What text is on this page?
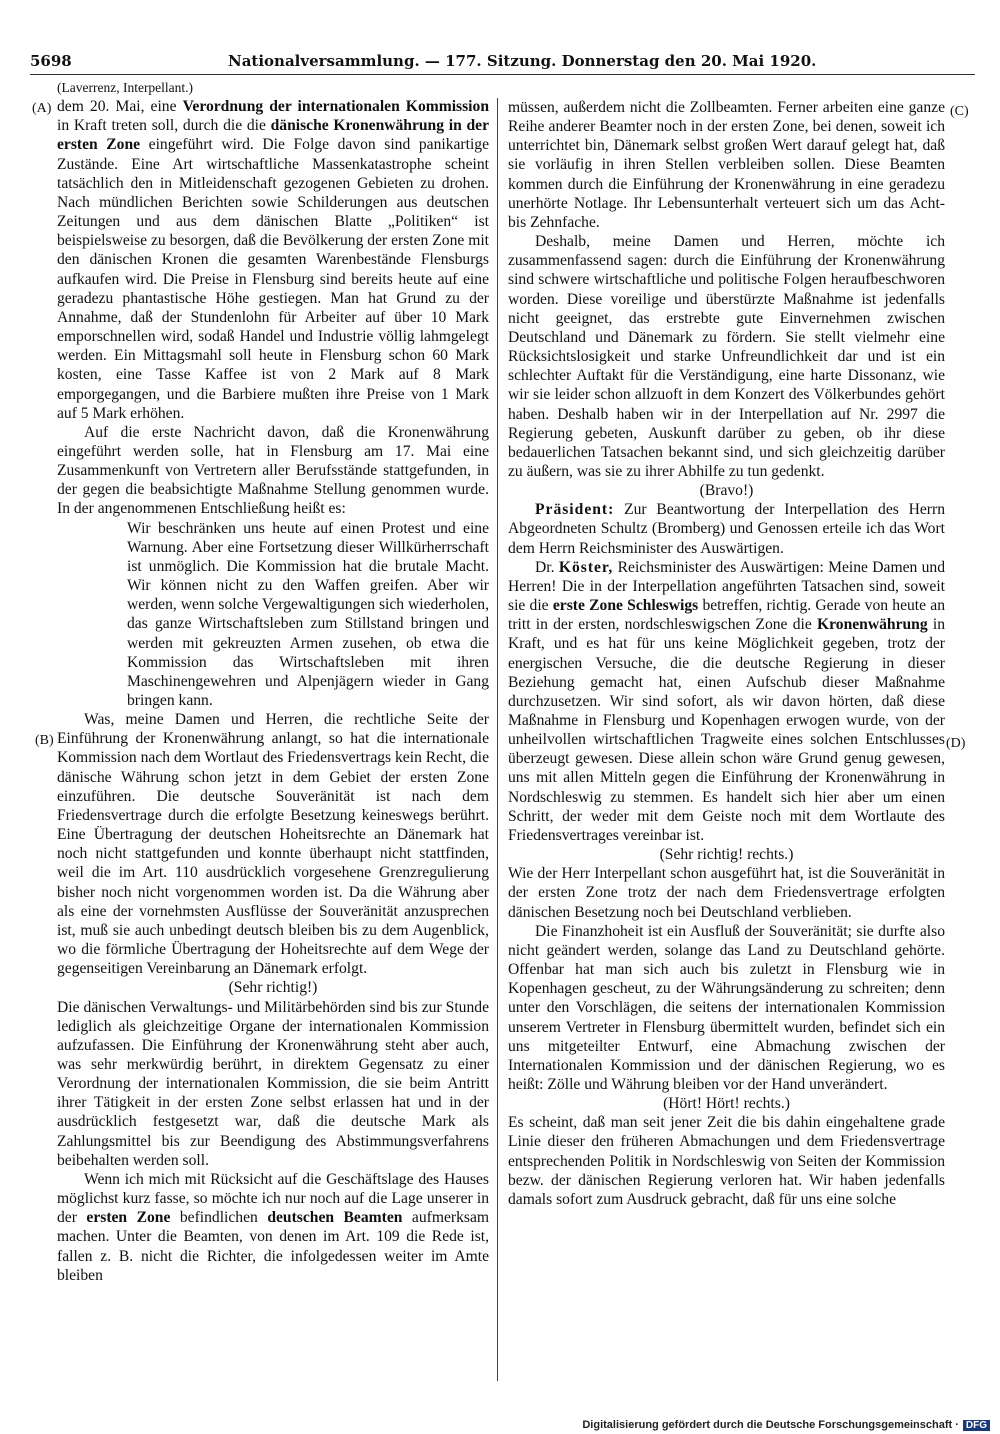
5698	Nationalversammlung. — 177. Sitzung. Donnerstag den 20. Mai 1920.
(A)
(B)
(C)
(D)

(Laverrenz, Interpellant.)

dem 20. Mai, eine Verordnung der internationalen Kommission in Kraft treten soll, durch die die dänische Kronenwährung in der ersten Zone eingeführt wird. Die Folge davon sind panikartige Zustände. Eine Art wirtschaftliche Massenkatastrophe scheint tatsächlich den in Mitleidenschaft gezogenen Gebieten zu drohen. Nach mündlichen Berichten sowie Schilderungen aus deutschen Zeitungen und aus dem dänischen Blatte „Politiken“ ist beispielsweise zu besorgen, daß die Bevölkerung der ersten Zone mit den dänischen Kronen die gesamten Warenbestände Flensburgs aufkaufen wird. Die Preise in Flensburg sind bereits heute auf eine geradezu phantastische Höhe gestiegen. Man hat Grund zu der Annahme, daß der Stundenlohn für Arbeiter auf über 10 Mark emporschnellen wird, sodaß Handel und Industrie völlig lahmgelegt werden. Ein Mittagsmahl soll heute in Flensburg schon 60 Mark kosten, eine Tasse Kaffee ist von 2 Mark auf 8 Mark emporgegangen, und die Barbiere mußten ihre Preise von 1 Mark auf 5 Mark erhöhen.

Auf die erste Nachricht davon, daß die Kronenwährung eingeführt werden solle, hat in Flensburg am 17. Mai eine Zusammenkunft von Vertretern aller Berufsstände stattgefunden, in der gegen die beabsichtigte Maßnahme Stellung genommen wurde. In der angenommenen Entschließung heißt es:

Wir beschränken uns heute auf einen Protest und eine Warnung. Aber eine Fortsetzung dieser Willkürherrschaft ist unmöglich. Die Kommission hat die brutale Macht. Wir können nicht zu den Waffen greifen. Aber wir werden, wenn solche Vergewaltigungen sich wiederholen, das ganze Wirtschaftsleben zum Stillstand bringen und werden mit gekreuzten Armen zusehen, ob etwa die Kommission das Wirtschaftsleben mit ihren Maschinengewehren und Alpenjägern wieder in Gang bringen kann.

Was, meine Damen und Herren, die rechtliche Seite der Einführung der Kronenwährung anlangt, so hat die internationale Kommission nach dem Wortlaut des Friedensvertrags kein Recht, die dänische Währung schon jetzt in dem Gebiet der ersten Zone einzuführen. Die deutsche Souveränität ist nach dem Friedensvertrage durch die erfolgte Besetzung keineswegs berührt. Eine Übertragung der deutschen Hoheitsrechte an Dänemark hat noch nicht stattgefunden und konnte überhaupt nicht stattfinden, weil die im Art. 110 ausdrücklich vorgesehene Grenzregulierung bisher noch nicht vorgenommen worden ist. Da die Währung aber als eine der vornehmsten Ausflüsse der Souveränität anzusprechen ist, muß sie auch unbedingt deutsch bleiben bis zu dem Augenblick, wo die förmliche Übertragung der Hoheitsrechte auf dem Wege der gegenseitigen Vereinbarung an Dänemark erfolgt.

(Sehr richtig!)

Die dänischen Verwaltungs- und Militärbehörden sind bis zur Stunde lediglich als gleichzeitige Organe der internationalen Kommission aufzufassen. Die Einführung der Kronenwährung steht aber auch, was sehr merkwürdig berührt, in direktem Gegensatz zu einer Verordnung der internationalen Kommission, die sie beim Antritt ihrer Tätigkeit in der ersten Zone selbst erlassen hat und in der ausdrücklich festgesetzt war, daß die deutsche Mark als Zahlungsmittel bis zur Beendigung des Abstimmungsverfahrens beibehalten werden soll.

Wenn ich mich mit Rücksicht auf die Geschäftslage des Hauses möglichst kurz fasse, so möchte ich nur noch auf die Lage unserer in der ersten Zone befindlichen deutschen Beamten aufmerksam machen. Unter die Beamten, von denen im Art. 109 die Rede ist, fallen z. B. nicht die Richter, die infolgedessen weiter im Amte bleiben

müssen, außerdem nicht die Zollbeamten. Ferner arbeiten eine ganze Reihe anderer Beamter noch in der ersten Zone, bei denen, soweit ich unterrichtet bin, Dänemark selbst großen Wert darauf gelegt hat, daß sie vorläufig in ihren Stellen verbleiben sollen. Diese Beamten kommen durch die Einführung der Kronenwährung in eine geradezu unerhörte Notlage. Ihr Lebensunterhalt verteuert sich um das Acht- bis Zehnfache.

Deshalb, meine Damen und Herren, möchte ich zusammenfassend sagen: durch die Einführung der Kronenwährung sind schwere wirtschaftliche und politische Folgen heraufbeschworen worden. Diese voreilige und überstürzte Maßnahme ist jedenfalls nicht geeignet, das erstrebte gute Einvernehmen zwischen Deutschland und Dänemark zu fördern. Sie stellt vielmehr eine Rücksichtslosigkeit und starke Unfreundlichkeit dar und ist ein schlechter Auftakt für die Verständigung, eine harte Dissonanz, wie wir sie leider schon allzuoft in dem Konzert des Völkerbundes gehört haben. Deshalb haben wir in der Interpellation auf Nr. 2997 die Regierung gebeten, Auskunft darüber zu geben, ob ihr diese bedauerlichen Tatsachen bekannt sind, und sich gleichzeitig darüber zu äußern, was sie zu ihrer Abhilfe zu tun gedenkt.

(Bravo!)

Präsident: Zur Beantwortung der Interpellation des Herrn Abgeordneten Schultz (Bromberg) und Genossen erteile ich das Wort dem Herrn Reichsminister des Auswärtigen.

Dr. Köster, Reichsminister des Auswärtigen: Meine Damen und Herren! Die in der Interpellation angeführten Tatsachen sind, soweit sie die erste Zone Schleswigs betreffen, richtig. Gerade von heute an tritt in der ersten, nordschleswigschen Zone die Kronenwährung in Kraft, und es hat für uns keine Möglichkeit gegeben, trotz der energischen Versuche, die die deutsche Regierung in dieser Beziehung gemacht hat, einen Aufschub dieser Maßnahme durchzusetzen. Wir sind sofort, als wir davon hörten, daß diese Maßnahme in Flensburg und Kopenhagen erwogen wurde, von der unheilvollen wirtschaftlichen Tragweite eines solchen Entschlusses überzeugt gewesen. Diese allein schon wäre Grund genug gewesen, uns mit allen Mitteln gegen die Einführung der Kronenwährung in Nordschleswig zu stemmen. Es handelt sich hier aber um einen Schritt, der weder mit dem Geiste noch mit dem Wortlaute des Friedensvertrages vereinbar ist.

(Sehr richtig! rechts.)

Wie der Herr Interpellant schon ausgeführt hat, ist die Souveränität in der ersten Zone trotz der nach dem Friedensvertrage erfolgten dänischen Besetzung noch bei Deutschland verblieben.

Die Finanzhoheit ist ein Ausfluß der Souveränität; sie durfte also nicht geändert werden, solange das Land zu Deutschland gehörte. Offenbar hat man sich auch bis zuletzt in Flensburg wie in Kopenhagen gescheut, zu der Währungsänderung zu schreiten; denn unter den Vorschlägen, die seitens der internationalen Kommission unserem Vertreter in Flensburg übermittelt wurden, befindet sich ein uns mitgeteilter Entwurf, eine Abmachung zwischen der Internationalen Kommission und der dänischen Regierung, wo es heißt: Zölle und Währung bleiben vor der Hand unverändert.

(Hört! Hört! rechts.)

Es scheint, daß man seit jener Zeit die bis dahin eingehaltene grade Linie dieser den früheren Abmachungen und dem Friedensvertrage entsprechenden Politik in Nordschleswig von Seiten der Kommission bezw. der dänischen Regierung verloren hat. Wir haben jedenfalls damals sofort zum Ausdruck gebracht, daß für uns eine solche

Digitalisierung gefördert durch die Deutsche Forschungsgemeinschaft · DFG
